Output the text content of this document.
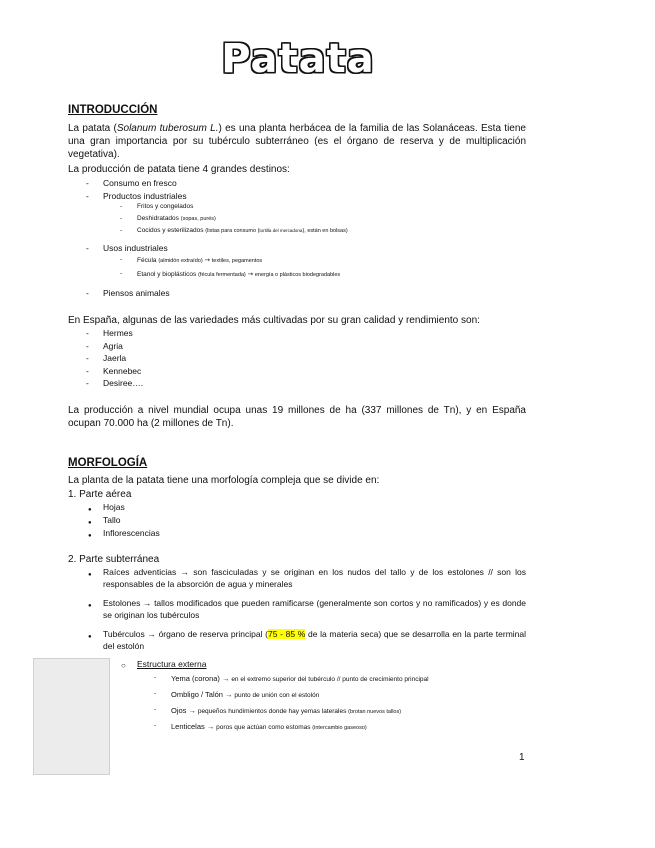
Patata
INTRODUCCIÓN
La patata (Solanum tuberosum L.) es una planta herbácea de la familia de las Solanáceas. Esta tiene una gran importancia por su tubérculo subterráneo (es el órgano de reserva y de multiplicación vegetativa).
La producción de patata tiene 4 grandes destinos:
- Consumo en fresco
- Productos industriales
- Fritos y congelados
- Deshidratados (sopas, purés)
- Cocidos y esterilizados (listas para consumo (tortilla del mercadona), están en bolsas)
- Usos industriales
- Fécula (almidón extraído) → textiles, pegamentos
- Etanol y bioplásticos (fécula fermentada) → energía o plásticos biodegradables
- Piensos animales
En España, algunas de las variedades más cultivadas por su gran calidad y rendimiento son:
- Hermes
- Agria
- Jaerla
- Kennebec
- Desiree….
La producción a nivel mundial ocupa unas 19 millones de ha (337 millones de Tn), y en España ocupan 70.000 ha (2 millones de Tn).
MORFOLOGÍA
La planta de la patata tiene una morfología compleja que se divide en:
1. Parte aérea
● Hojas
● Tallo
● Inflorescencias
2. Parte subterránea
● Raíces adventicias → son fasciculadas y se originan en los nudos del tallo y de los estolones // son los responsables de la absorción de agua y minerales
● Estolones → tallos modificados que pueden ramificarse (generalmente son cortos y no ramificados) y es donde se originan los tubérculos
● Tubérculos → órgano de reserva principal (75 - 85 % de la materia seca) que se desarrolla en la parte terminal del estolón
○ Estructura externa
- Yema (corona) → en el extremo superior del tubérculo // punto de crecimiento principal
- Ombligo / Talón → punto de unión con el estolón
- Ojos → pequeños hundimientos donde hay yemas laterales (brotan nuevos tallos)
- Lenticelas → poros que actúan como estomas (intercambio gaseoso)
1
